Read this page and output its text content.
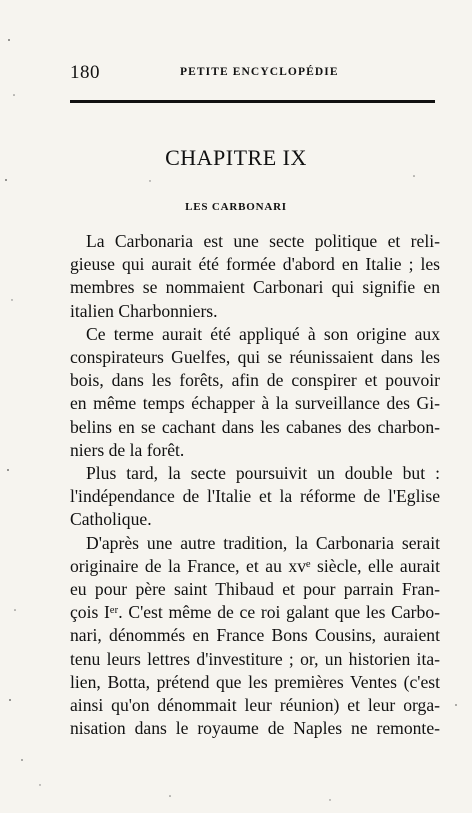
180	PETITE ENCYCLOPÉDIE
CHAPITRE IX
LES CARBONARI

La Carbonaria est une secte politique et reli-
gieuse qui aurait été formée d'abord en Italie ; les
membres se nommaient Carbonari qui signifie en
italien Charbonniers.

Ce terme aurait été appliqué à son origine aux
conspirateurs Guelfes, qui se réunissaient dans les
bois, dans les forêts, afin de conspirer et pouvoir
en même temps échapper à la surveillance des Gi-
belins en se cachant dans les cabanes des charbon-
niers de la forêt.

Plus tard, la secte poursuivit un double but :
l'indépendance de l'Italie et la réforme de l'Eglise
Catholique.

D'après une autre tradition, la Carbonaria serait
originaire de la France, et au xvᵉ siècle, elle aurait
eu pour père saint Thibaud et pour parrain Fran-
çois Iᵉʳ. C'est même de ce roi galant que les Carbo-
nari, dénommés en France Bons Cousins, auraient
tenu leurs lettres d'investiture ; or, un historien ita-
lien, Botta, prétend que les premières Ventes (c'est
ainsi qu'on dénommait leur réunion) et leur orga-
nisation dans le royaume de Naples ne remonte-
